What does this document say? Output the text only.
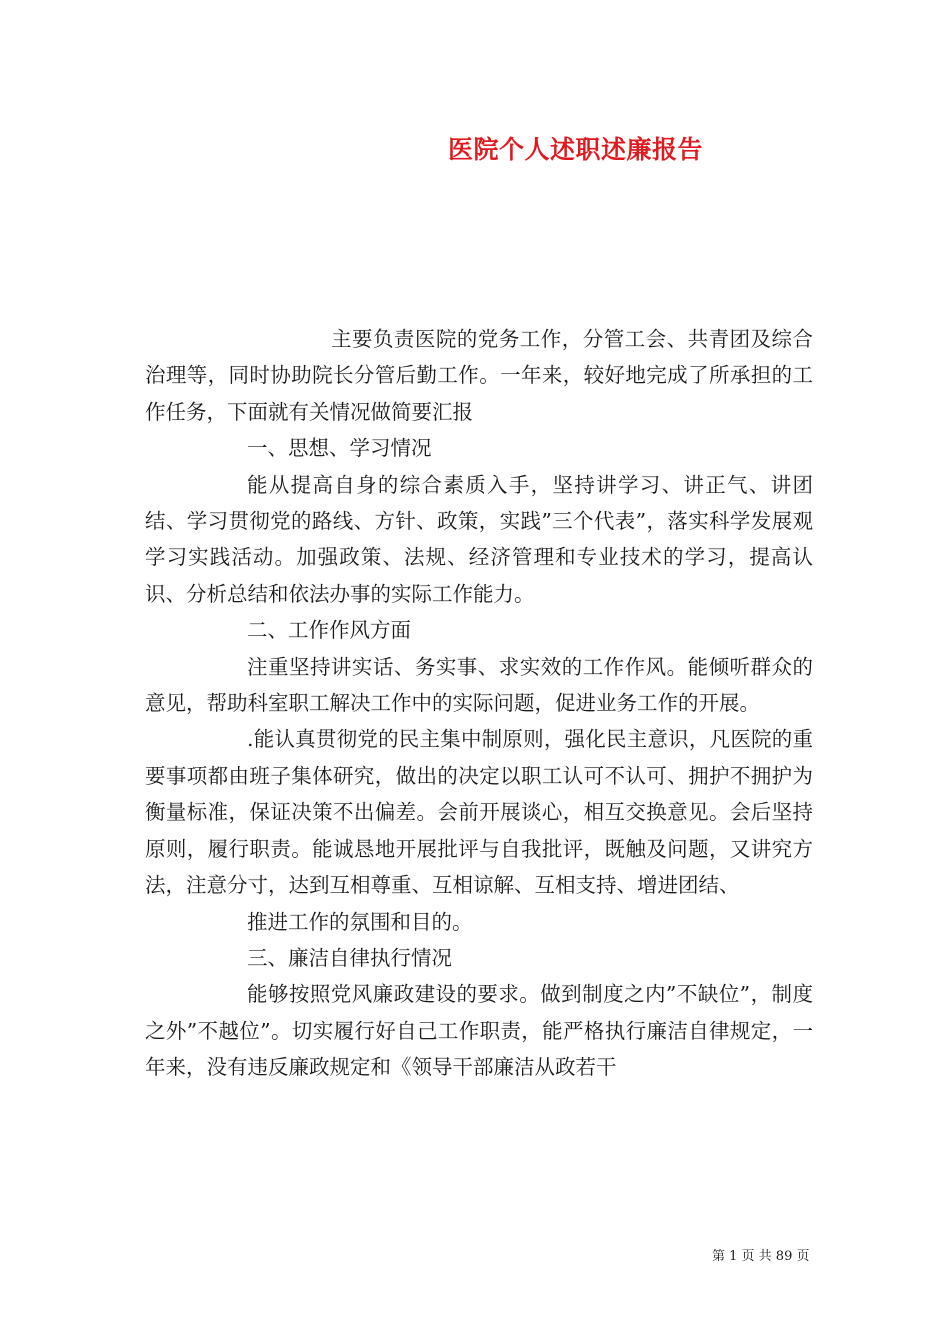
医院个人述职述廉报告

主要负责医院的党务工作，分管工会、共青团及综合治理等，同时协助院长分管后勤工作。一年来，较好地完成了所承担的工作任务，下面就有关情况做简要汇报

一、思想、学习情况

能从提高自身的综合素质入手，坚持讲学习、讲正气、讲团结、学习贯彻党的路线、方针、政策，实践”三个代表”，落实科学发展观学习实践活动。加强政策、法规、经济管理和专业技术的学习，提高认识、分析总结和依法办事的实际工作能力。

二、工作作风方面

注重坚持讲实话、务实事、求实效的工作作风。能倾听群众的意见，帮助科室职工解决工作中的实际问题，促进业务工作的开展。

.能认真贯彻党的民主集中制原则，强化民主意识，凡医院的重要事项都由班子集体研究，做出的决定以职工认可不认可、拥护不拥护为衡量标准，保证决策不出偏差。会前开展谈心，相互交换意见。会后坚持原则，履行职责。能诚恳地开展批评与自我批评，既触及问题，又讲究方法，注意分寸，达到互相尊重、互相谅解、互相支持、增进团结、

推进工作的氛围和目的。

三、廉洁自律执行情况

能够按照党风廉政建设的要求。做到制度之内”不缺位”，制度之外”不越位”。切实履行好自己工作职责，能严格执行廉洁自律规定，一年来，没有违反廉政规定和《领导干部廉洁从政若干

第 1 页 共 89 页
